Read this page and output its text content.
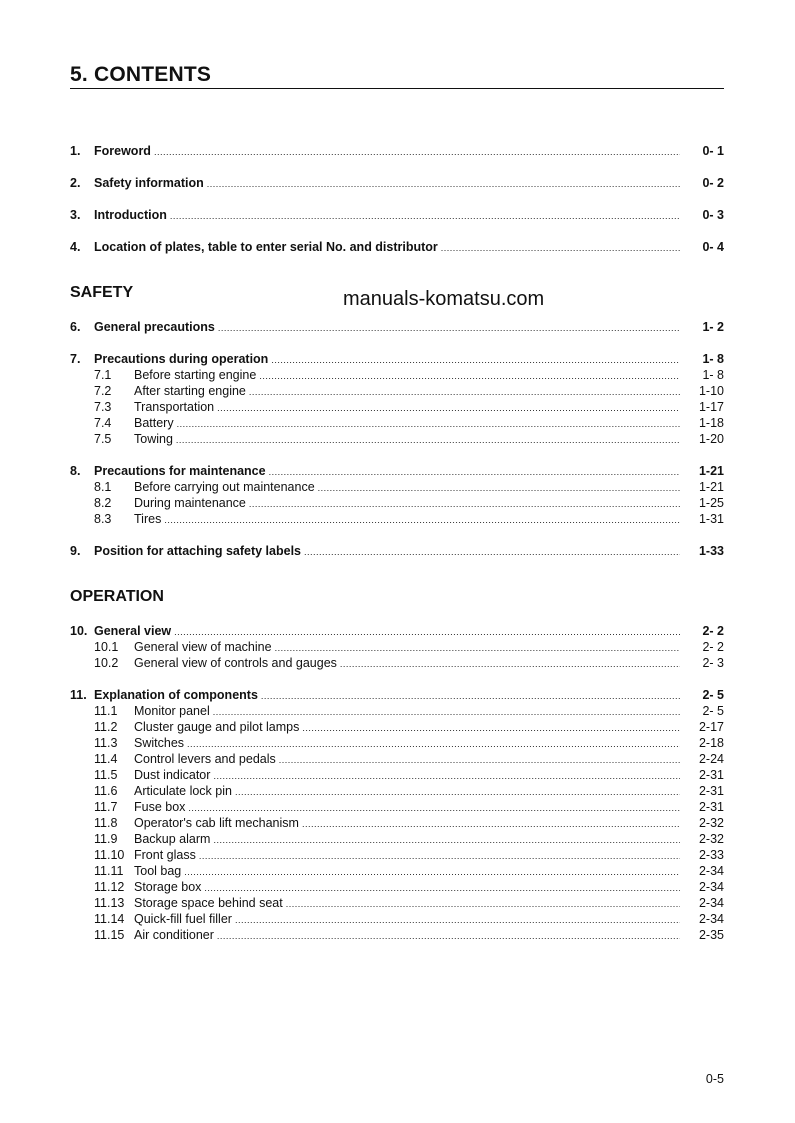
5. CONTENTS
manuals-komatsu.com
1.	Foreword .....	0- 1
2.	Safety information .....	0- 2
3.	Introduction .....	0- 3
4.	Location of plates, table to enter serial No. and distributor .....	0- 4
SAFETY
6.	General precautions .....	1- 2
7.	Precautions during operation .....	1- 8
7.1	Before starting engine .....	1- 8
7.2	After starting engine .....	1-10
7.3	Transportation .....	1-17
7.4	Battery .....	1-18
7.5	Towing .....	1-20
8.	Precautions for maintenance .....	1-21
8.1	Before carrying out maintenance .....	1-21
8.2	During maintenance .....	1-25
8.3	Tires .....	1-31
9.	Position for attaching safety labels .....	1-33
OPERATION
10. General view .....	2- 2
10.1	General view of machine .....	2- 2
10.2	General view of controls and gauges .....	2- 3
11. Explanation of components .....	2- 5
11.1	Monitor panel .....	2- 5
11.2	Cluster gauge and pilot lamps .....	2-17
11.3	Switches .....	2-18
11.4	Control levers and pedals .....	2-24
11.5	Dust indicator .....	2-31
11.6	Articulate lock pin .....	2-31
11.7	Fuse box .....	2-31
11.8	Operator's cab lift mechanism .....	2-32
11.9	Backup alarm .....	2-32
11.10 Front glass .....	2-33
11.11 Tool bag .....	2-34
11.12 Storage box .....	2-34
11.13 Storage space behind seat .....	2-34
11.14 Quick-fill fuel filler .....	2-34
11.15 Air conditioner .....	2-35
0-5
